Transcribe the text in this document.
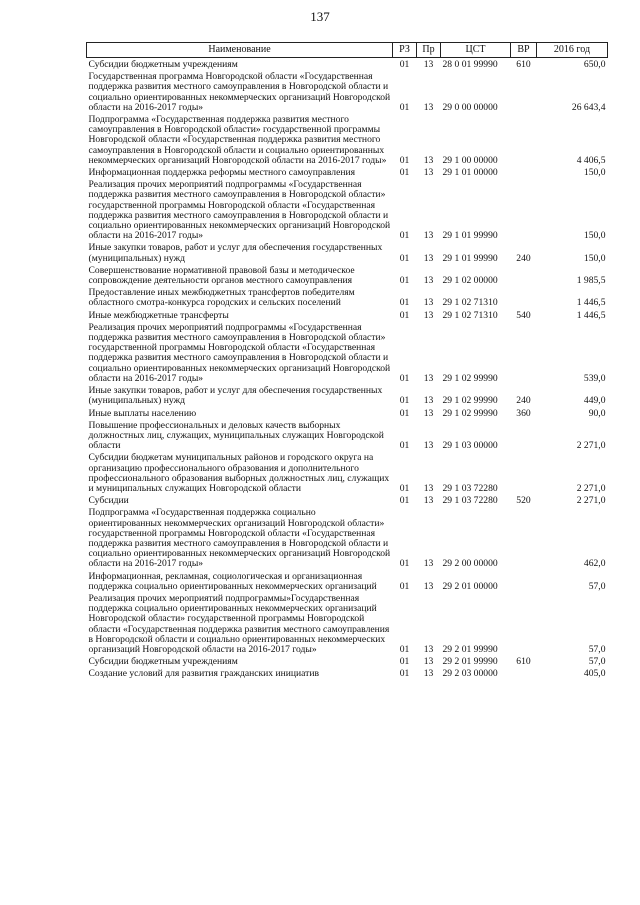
137
Наименование	РЗ	Пр	ЦСТ	ВР	2016 год
Субсидии бюджетным учреждениям	01	13	28 0 01 99990	610	650,0
Государственная программа Новгородской области «Государственная поддержка развития местного самоуправления в Новгородской области и социально ориентированных некоммерческих организаций Новгородской области на 2016-2017 годы»	01	13	29 0 00 00000		26 643,4
Подпрограмма «Государственная поддержка развития местного самоуправления в Новгородской области» государственной программы Новгородской области «Государственная поддержка развития местного самоуправления в Новгородской области и социально ориентированных некоммерческих организаций Новгородской области на 2016-2017 годы»	01	13	29 1 00 00000		4 406,5
Информационная поддержка реформы местного самоуправления	01	13	29 1 01 00000		150,0
Реализация прочих мероприятий подпрограммы «Государственная поддержка развития местного самоуправления в Новгородской области» государственной программы Новгородской области «Государственная поддержка развития местного самоуправления в Новгородской области и социально ориентированных некоммерческих организаций Новгородской области на 2016-2017 годы»	01	13	29 1 01 99990		150,0
Иные закупки товаров, работ и услуг для обеспечения государственных (муниципальных) нужд	01	13	29 1 01 99990	240	150,0
Совершенствование нормативной правовой базы и методическое сопровождение деятельности органов местного самоуправления	01	13	29 1 02 00000		1 985,5
Предоставление иных межбюджетных трансфертов победителям областного смотра-конкурса городских и сельских поселений	01	13	29 1 02 71310		1 446,5
Иные межбюджетные трансферты	01	13	29 1 02 71310	540	1 446,5
Реализация прочих мероприятий подпрограммы «Государственная поддержка развития местного самоуправления в Новгородской области» государственной программы Новгородской области «Государственная поддержка развития местного самоуправления в Новгородской области и социально ориентированных некоммерческих организаций Новгородской области на 2016-2017 годы»	01	13	29 1 02 99990		539,0
Иные закупки товаров, работ и услуг для обеспечения государственных (муниципальных) нужд	01	13	29 1 02 99990	240	449,0
Иные выплаты населению	01	13	29 1 02 99990	360	90,0
Повышение профессиональных и деловых качеств выборных должностных лиц, служащих, муниципальных служащих Новгородской области	01	13	29 1 03 00000		2 271,0
Субсидии бюджетам муниципальных районов и городского округа на организацию профессионального образования и дополнительного профессионального образования выборных должностных лиц, служащих и муниципальных служащих Новгородской области	01	13	29 1 03 72280		2 271,0
Субсидии	01	13	29 1 03 72280	520	2 271,0
Подпрограмма «Государственная поддержка социально ориентированных некоммерческих организаций Новгородской области» государственной программы Новгородской области «Государственная поддержка развития местного самоуправления в Новгородской области и социально ориентированных некоммерческих организаций Новгородской области на 2016-2017 годы»	01	13	29 2 00 00000		462,0
Информационная, рекламная, социологическая и организационная поддержка социально ориентированных некоммерческих организаций	01	13	29 2 01 00000		57,0
Реализация прочих мероприятий подпрограммы»Государственная поддержка социально ориентированных некоммерческих организаций Новгородской области» государственной программы Новгородской области «Государственная поддержка развития местного самоуправления в Новгородской области и социально ориентированных некоммерческих организаций Новгородской области на 2016-2017 годы»	01	13	29 2 01 99990		57,0
Субсидии бюджетным учреждениям	01	13	29 2 01 99990	610	57,0
Создание условий для развития гражданских инициатив	01	13	29 2 03 00000		405,0
